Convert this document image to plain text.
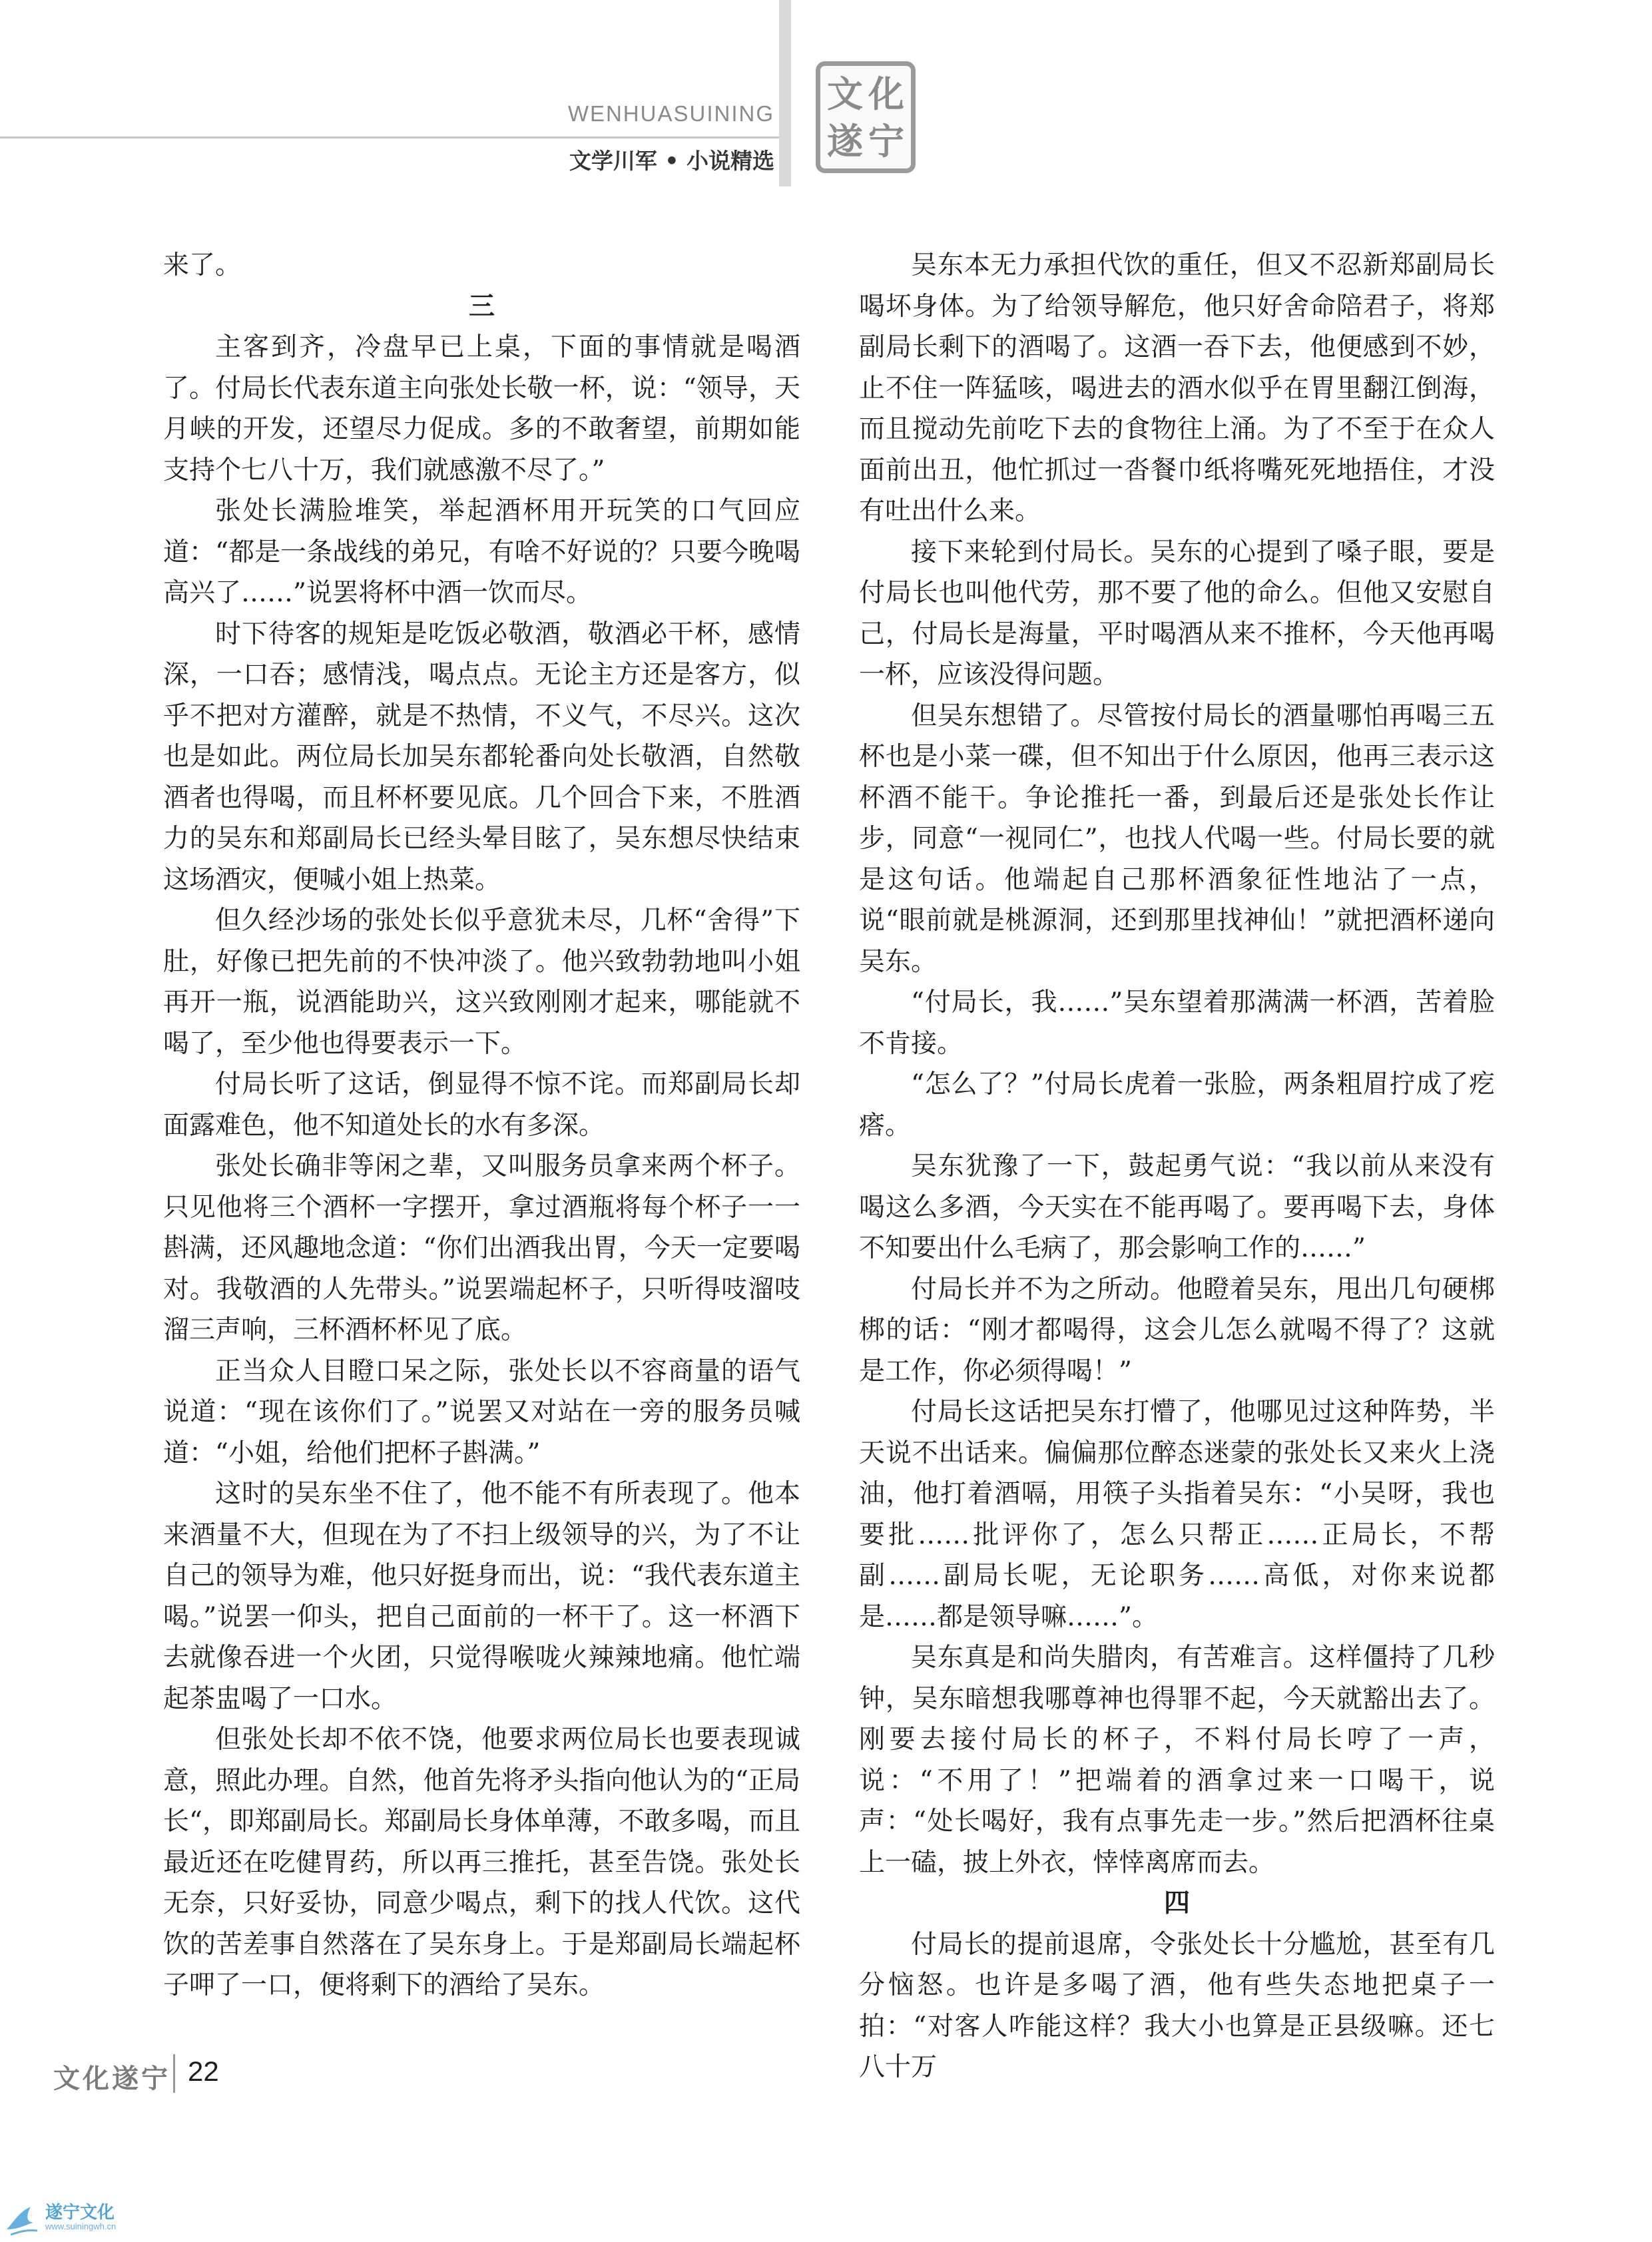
WENHUASUINING
文学川军 • 小说精选
文 化
遂 宁

来了。

三

主客到齐，冷盘早已上桌，下面的事情就是喝酒了。付局长代表东道主向张处长敬一杯，说：“领导，天月峡的开发，还望尽力促成。多的不敢奢望，前期如能支持个七八十万，我们就感激不尽了。”

张处长满脸堆笑，举起酒杯用开玩笑的口气回应道：“都是一条战线的弟兄，有啥不好说的？只要今晚喝高兴了……”说罢将杯中酒一饮而尽。

时下待客的规矩是吃饭必敬酒，敬酒必干杯，感情深，一口吞；感情浅，喝点点。无论主方还是客方，似乎不把对方灌醉，就是不热情，不义气，不尽兴。这次也是如此。两位局长加吴东都轮番向处长敬酒，自然敬酒者也得喝，而且杯杯要见底。几个回合下来，不胜酒力的吴东和郑副局长已经头晕目眩了，吴东想尽快结束这场酒灾，便喊小姐上热菜。

但久经沙场的张处长似乎意犹未尽，几杯“舍得”下肚，好像已把先前的不快冲淡了。他兴致勃勃地叫小姐再开一瓶，说酒能助兴，这兴致刚刚才起来，哪能就不喝了，至少他也得要表示一下。

付局长听了这话，倒显得不惊不诧。而郑副局长却面露难色，他不知道处长的水有多深。

张处长确非等闲之辈，又叫服务员拿来两个杯子。只见他将三个酒杯一字摆开，拿过酒瓶将每个杯子一一斟满，还风趣地念道：“你们出酒我出胃，今天一定要喝对。我敬酒的人先带头。”说罢端起杯子，只听得吱溜吱溜三声响，三杯酒杯杯见了底。

正当众人目瞪口呆之际，张处长以不容商量的语气说道：“现在该你们了。”说罢又对站在一旁的服务员喊道：“小姐，给他们把杯子斟满。”

这时的吴东坐不住了，他不能不有所表现了。他本来酒量不大，但现在为了不扫上级领导的兴，为了不让自己的领导为难，他只好挺身而出，说：“我代表东道主喝。”说罢一仰头，把自己面前的一杯干了。这一杯酒下去就像吞进一个火团，只觉得喉咙火辣辣地痛。他忙端起茶盅喝了一口水。

但张处长却不依不饶，他要求两位局长也要表现诚意，照此办理。自然，他首先将矛头指向他认为的“正局长“，即郑副局长。郑副局长身体单薄，不敢多喝，而且最近还在吃健胃药，所以再三推托，甚至告饶。张处长无奈，只好妥协，同意少喝点，剩下的找人代饮。这代饮的苦差事自然落在了吴东身上。于是郑副局长端起杯子呷了一口，便将剩下的酒给了吴东。

吴东本无力承担代饮的重任，但又不忍新郑副局长喝坏身体。为了给领导解危，他只好舍命陪君子，将郑副局长剩下的酒喝了。这酒一吞下去，他便感到不妙，止不住一阵猛咳，喝进去的酒水似乎在胃里翻江倒海，而且搅动先前吃下去的食物往上涌。为了不至于在众人面前出丑，他忙抓过一沓餐巾纸将嘴死死地捂住，才没有吐出什么来。

接下来轮到付局长。吴东的心提到了嗓子眼，要是付局长也叫他代劳，那不要了他的命么。但他又安慰自己，付局长是海量，平时喝酒从来不推杯，今天他再喝一杯，应该没得问题。

但吴东想错了。尽管按付局长的酒量哪怕再喝三五杯也是小菜一碟，但不知出于什么原因，他再三表示这杯酒不能干。争论推托一番，到最后还是张处长作让步，同意“一视同仁”，也找人代喝一些。付局长要的就是这句话。他端起自己那杯酒象征性地沾了一点，说“眼前就是桃源洞，还到那里找神仙！”就把酒杯递向吴东。

“付局长，我……”吴东望着那满满一杯酒，苦着脸不肯接。

“怎么了？”付局长虎着一张脸，两条粗眉拧成了疙瘩。

吴东犹豫了一下，鼓起勇气说：“我以前从来没有喝这么多酒，今天实在不能再喝了。要再喝下去，身体不知要出什么毛病了，那会影响工作的……”

付局长并不为之所动。他瞪着吴东，甩出几句硬梆梆的话：“刚才都喝得，这会儿怎么就喝不得了？这就是工作，你必须得喝！”

付局长这话把吴东打懵了，他哪见过这种阵势，半天说不出话来。偏偏那位醉态迷蒙的张处长又来火上浇油，他打着酒嗝，用筷子头指着吴东：“小吴呀，我也要批……批评你了，怎么只帮正……正局长，不帮副……副局长呢，无论职务……高低，对你来说都是……都是领导嘛……”。

吴东真是和尚失腊肉，有苦难言。这样僵持了几秒钟，吴东暗想我哪尊神也得罪不起，今天就豁出去了。刚要去接付局长的杯子，不料付局长哼了一声，说：“不用了！”把端着的酒拿过来一口喝干，说声：“处长喝好，我有点事先走一步。”然后把酒杯往桌上一磕，披上外衣，悻悻离席而去。

四

付局长的提前退席，令张处长十分尴尬，甚至有几分恼怒。也许是多喝了酒，他有些失态地把桌子一拍：“对客人咋能这样？我大小也算是正县级嘛。还七八十万

文化遂宁 22
遂宁文化
www.suiningwh.cn
